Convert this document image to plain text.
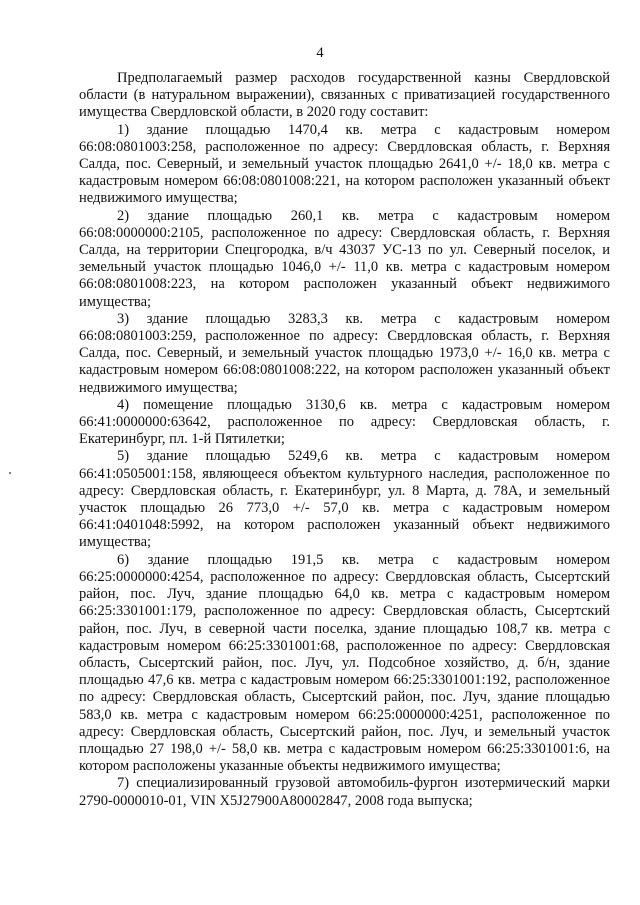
4

Предполагаемый размер расходов государственной казны Свердловской области (в натуральном выражении), связанных с приватизацией государственного имущества Свердловской области, в 2020 году составит:

1) здание площадью 1470,4 кв. метра с кадастровым номером 66:08:0801003:258, расположенное по адресу: Свердловская область, г. Верхняя Салда, пос. Северный, и земельный участок площадью 2641,0 +/- 18,0 кв. метра с кадастровым номером 66:08:0801008:221, на котором расположен указанный объект недвижимого имущества;

2) здание площадью 260,1 кв. метра с кадастровым номером 66:08:0000000:2105, расположенное по адресу: Свердловская область, г. Верхняя Салда, на территории Спецгородка, в/ч 43037 УС-13 по ул. Северный поселок, и земельный участок площадью 1046,0 +/- 11,0 кв. метра с кадастровым номером 66:08:0801008:223, на котором расположен указанный объект недвижимого имущества;

3) здание площадью 3283,3 кв. метра с кадастровым номером 66:08:0801003:259, расположенное по адресу: Свердловская область, г. Верхняя Салда, пос. Северный, и земельный участок площадью 1973,0 +/- 16,0 кв. метра с кадастровым номером 66:08:0801008:222, на котором расположен указанный объект недвижимого имущества;

4) помещение площадью 3130,6 кв. метра с кадастровым номером 66:41:0000000:63642, расположенное по адресу: Свердловская область, г. Екатеринбург, пл. 1-й Пятилетки;

5) здание площадью 5249,6 кв. метра с кадастровым номером 66:41:0505001:158, являющееся объектом культурного наследия, расположенное по адресу: Свердловская область, г. Екатеринбург, ул. 8 Марта, д. 78А, и земельный участок площадью 26 773,0 +/- 57,0 кв. метра с кадастровым номером 66:41:0401048:5992, на котором расположен указанный объект недвижимого имущества;

6) здание площадью 191,5 кв. метра с кадастровым номером 66:25:0000000:4254, расположенное по адресу: Свердловская область, Сысертский район, пос. Луч, здание площадью 64,0 кв. метра с кадастровым номером 66:25:3301001:179, расположенное по адресу: Свердловская область, Сысертский район, пос. Луч, в северной части поселка, здание площадью 108,7 кв. метра с кадастровым номером 66:25:3301001:68, расположенное по адресу: Свердловская область, Сысертский район, пос. Луч, ул. Подсобное хозяйство, д. б/н, здание площадью 47,6 кв. метра с кадастровым номером 66:25:3301001:192, расположенное по адресу: Свердловская область, Сысертский район, пос. Луч, здание площадью 583,0 кв. метра с кадастровым номером 66:25:0000000:4251, расположенное по адресу: Свердловская область, Сысертский район, пос. Луч, и земельный участок площадью 27 198,0 +/- 58,0 кв. метра с кадастровым номером 66:25:3301001:6, на котором расположены указанные объекты недвижимого имущества;

7) специализированный грузовой автомобиль-фургон изотермический марки 2790-0000010-01, VIN X5J27900A80002847, 2008 года выпуска;
